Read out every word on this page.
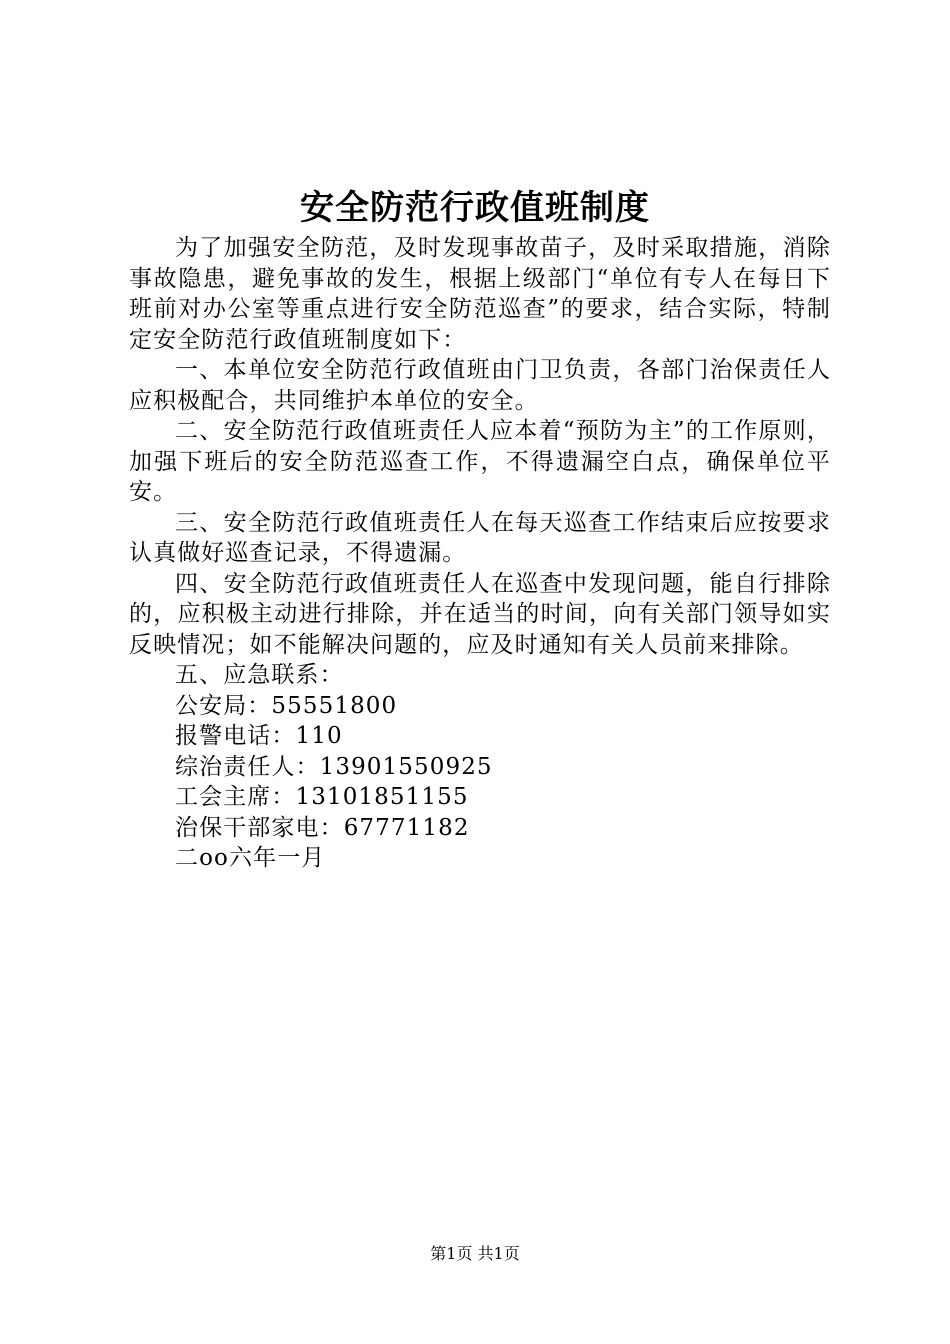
安全防范行政值班制度

为了加强安全防范，及时发现事故苗子，及时采取措施，消除事故隐患，避免事故的发生，根据上级部门“单位有专人在每日下班前对办公室等重点进行安全防范巡查”的要求，结合实际，特制定安全防范行政值班制度如下：

一、本单位安全防范行政值班由门卫负责，各部门治保责任人应积极配合，共同维护本单位的安全。

二、安全防范行政值班责任人应本着“预防为主”的工作原则，加强下班后的安全防范巡查工作，不得遗漏空白点，确保单位平安。

三、安全防范行政值班责任人在每天巡查工作结束后应按要求认真做好巡查记录，不得遗漏。

四、安全防范行政值班责任人在巡查中发现问题，能自行排除的，应积极主动进行排除，并在适当的时间，向有关部门领导如实反映情况；如不能解决问题的，应及时通知有关人员前来排除。

五、应急联系：

公安局：55551800

报警电话：110

综治责任人：13901550925

工会主席：13101851155

治保干部家电：67771182

二oo六年一月

第1页 共1页
